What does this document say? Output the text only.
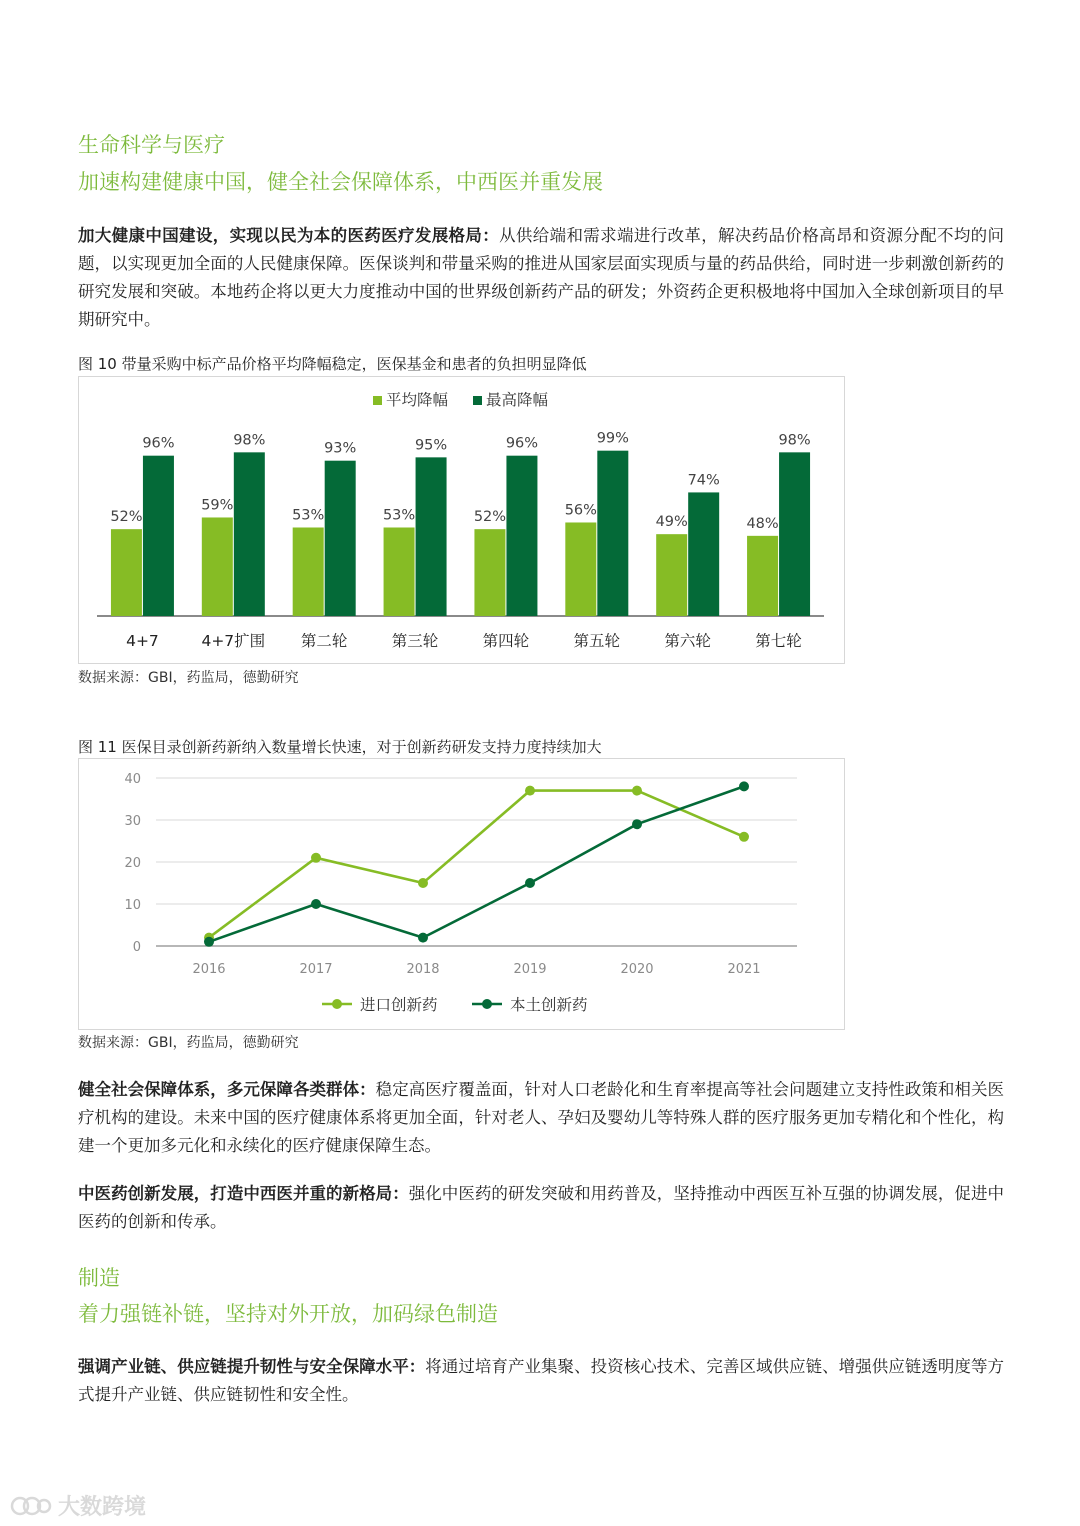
生命科学与医疗
加速构建健康中国，健全社会保障体系，中西医并重发展
加大健康中国建设，实现以民为本的医药医疗发展格局：从供给端和需求端进行改革，解决药品价格高昂和资源分配不均的问题，以实现更加全面的人民健康保障。医保谈判和带量采购的推进从国家层面实现质与量的药品供给，同时进一步刺激创新药的研究发展和突破。本地药企将以更大力度推动中国的世界级创新药产品的研发；外资药企更积极地将中国加入全球创新项目的早期研究中。
图 10 带量采购中标产品价格平均降幅稳定，医保基金和患者的负担明显降低
平均降幅 最高降幅
52%
96%
4+7
59%
98%
4+7扩围
53%
93%
第二轮
53%
95%
第三轮
52%
96%
第四轮
56%
99%
第五轮
49%
74%
第六轮
48%
98%
第七轮
数据来源：GBI，药监局，德勤研究
图 11 医保目录创新药新纳入数量增长快速，对于创新药研发支持力度持续加大
0
10
20
30
40
2016	2017	2018	2019	2020	2021
进口创新药	本土创新药
数据来源：GBI，药监局，德勤研究
健全社会保障体系，多元保障各类群体：稳定高医疗覆盖面，针对人口老龄化和生育率提高等社会问题建立支持性政策和相关医疗机构的建设。未来中国的医疗健康体系将更加全面，针对老人、孕妇及婴幼儿等特殊人群的医疗服务更加专精化和个性化，构建一个更加多元化和永续化的医疗健康保障生态。
中医药创新发展，打造中西医并重的新格局：强化中医药的研发突破和用药普及，坚持推动中西医互补互强的协调发展，促进中医药的创新和传承。
制造
着力强链补链，坚持对外开放，加码绿色制造
强调产业链、供应链提升韧性与安全保障水平：将通过培育产业集聚、投资核心技术、完善区域供应链、增强供应链透明度等方式提升产业链、供应链韧性和安全性。
大数跨境
